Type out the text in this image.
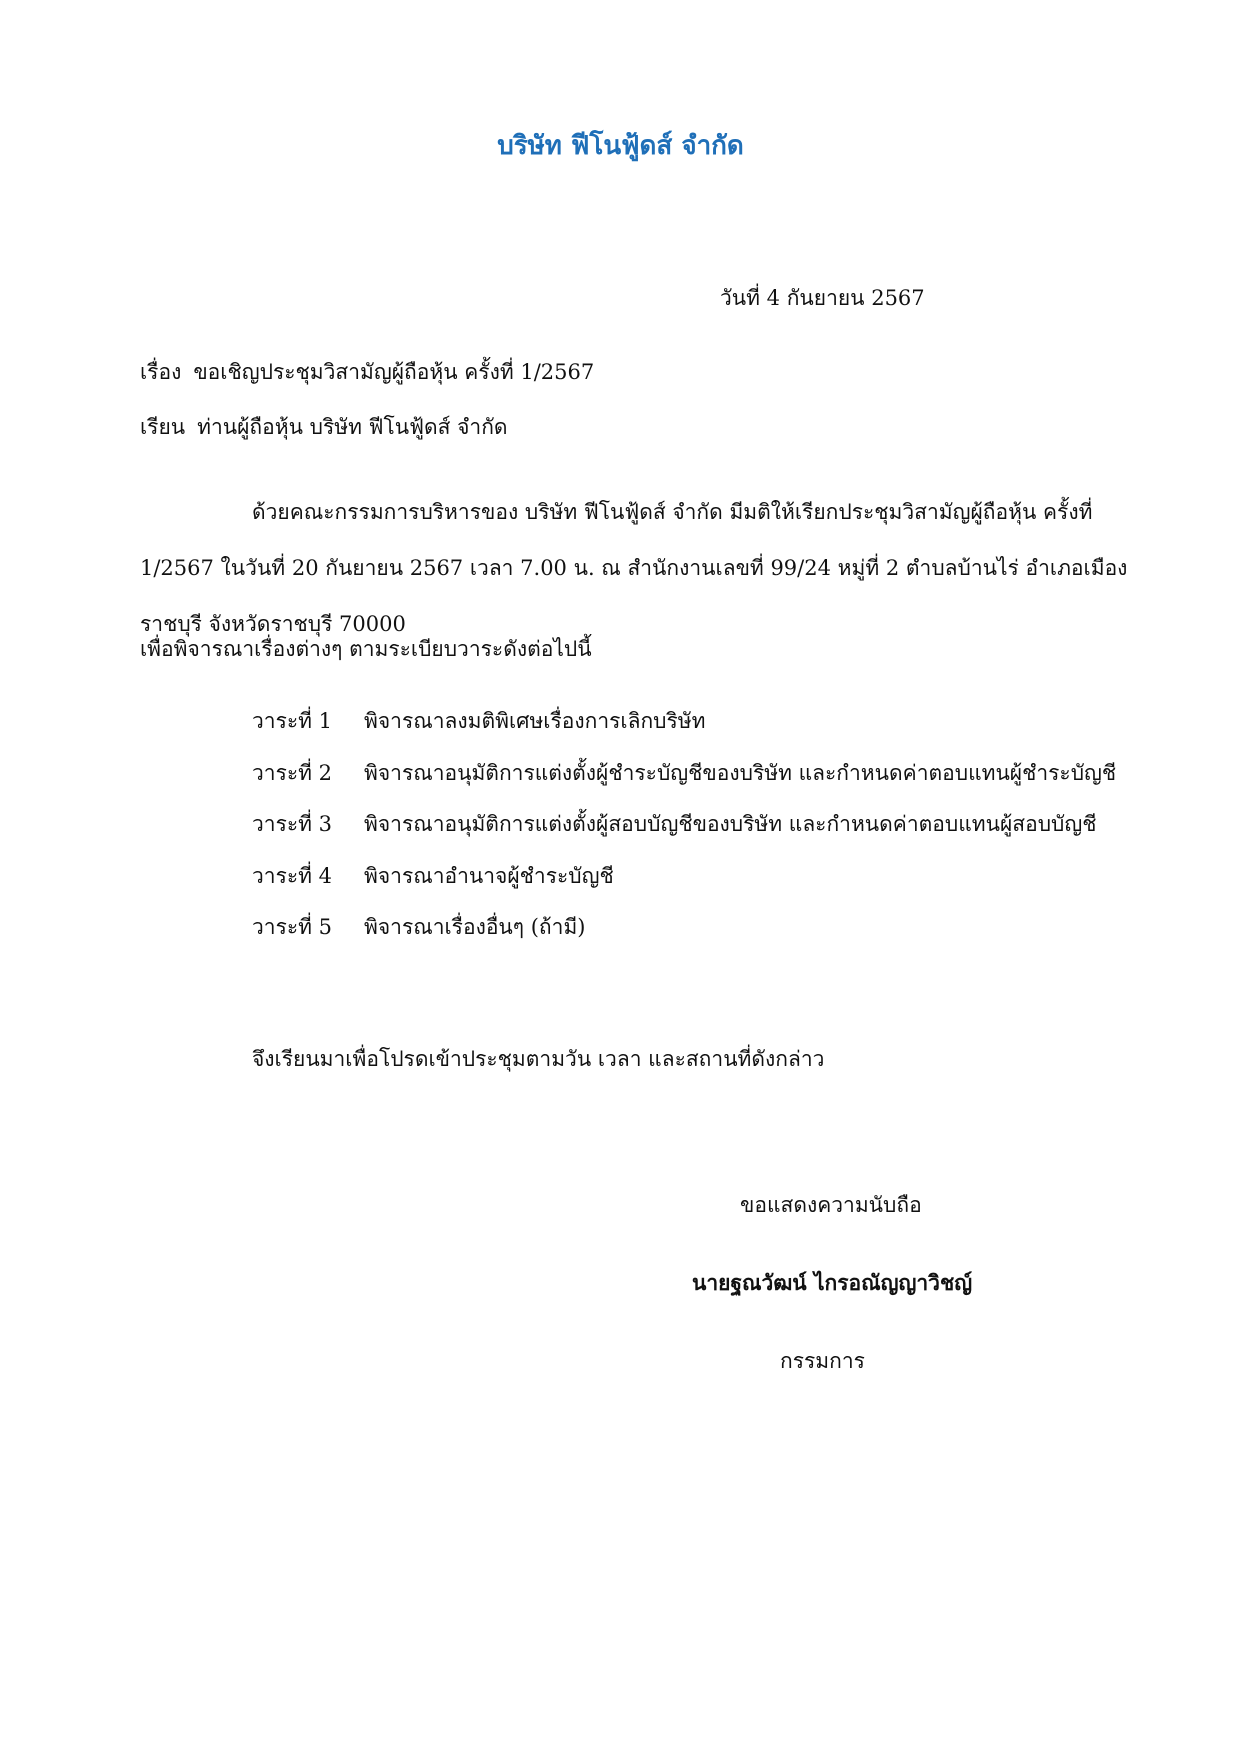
บริษัท ฟีโนฟู้ดส์ จำกัด
วันที่ 4 กันยายน 2567
เรื่อง ขอเชิญประชุมวิสามัญผู้ถือหุ้น ครั้งที่ 1/2567
เรียน ท่านผู้ถือหุ้น บริษัท ฟีโนฟู้ดส์ จำกัด
ด้วยคณะกรรมการบริหารของ บริษัท ฟีโนฟู้ดส์ จำกัด มีมติให้เรียกประชุมวิสามัญผู้ถือหุ้น ครั้งที่
1/2567 ในวันที่ 20 กันยายน 2567 เวลา 7.00 น. ณ สำนักงานเลขที่ 99/24 หมู่ที่ 2 ตำบลบ้านไร่ อำเภอเมือง
ราชบุรี จังหวัดราชบุรี 70000
เพื่อพิจารณาเรื่องต่างๆ ตามระเบียบวาระดังต่อไปนี้
วาระที่ 1	พิจารณาลงมติพิเศษเรื่องการเลิกบริษัท
วาระที่ 2	พิจารณาอนุมัติการแต่งตั้งผู้ชำระบัญชีของบริษัท และกำหนดค่าตอบแทนผู้ชำระบัญชี
วาระที่ 3	พิจารณาอนุมัติการแต่งตั้งผู้สอบบัญชีของบริษัท และกำหนดค่าตอบแทนผู้สอบบัญชี
วาระที่ 4	พิจารณาอำนาจผู้ชำระบัญชี
วาระที่ 5	พิจารณาเรื่องอื่นๆ (ถ้ามี)
จึงเรียนมาเพื่อโปรดเข้าประชุมตามวัน เวลา และสถานที่ดังกล่าว
ขอแสดงความนับถือ
นายฐณวัฒน์ ไกรอณัญญาวิชญ์
กรรมการ
